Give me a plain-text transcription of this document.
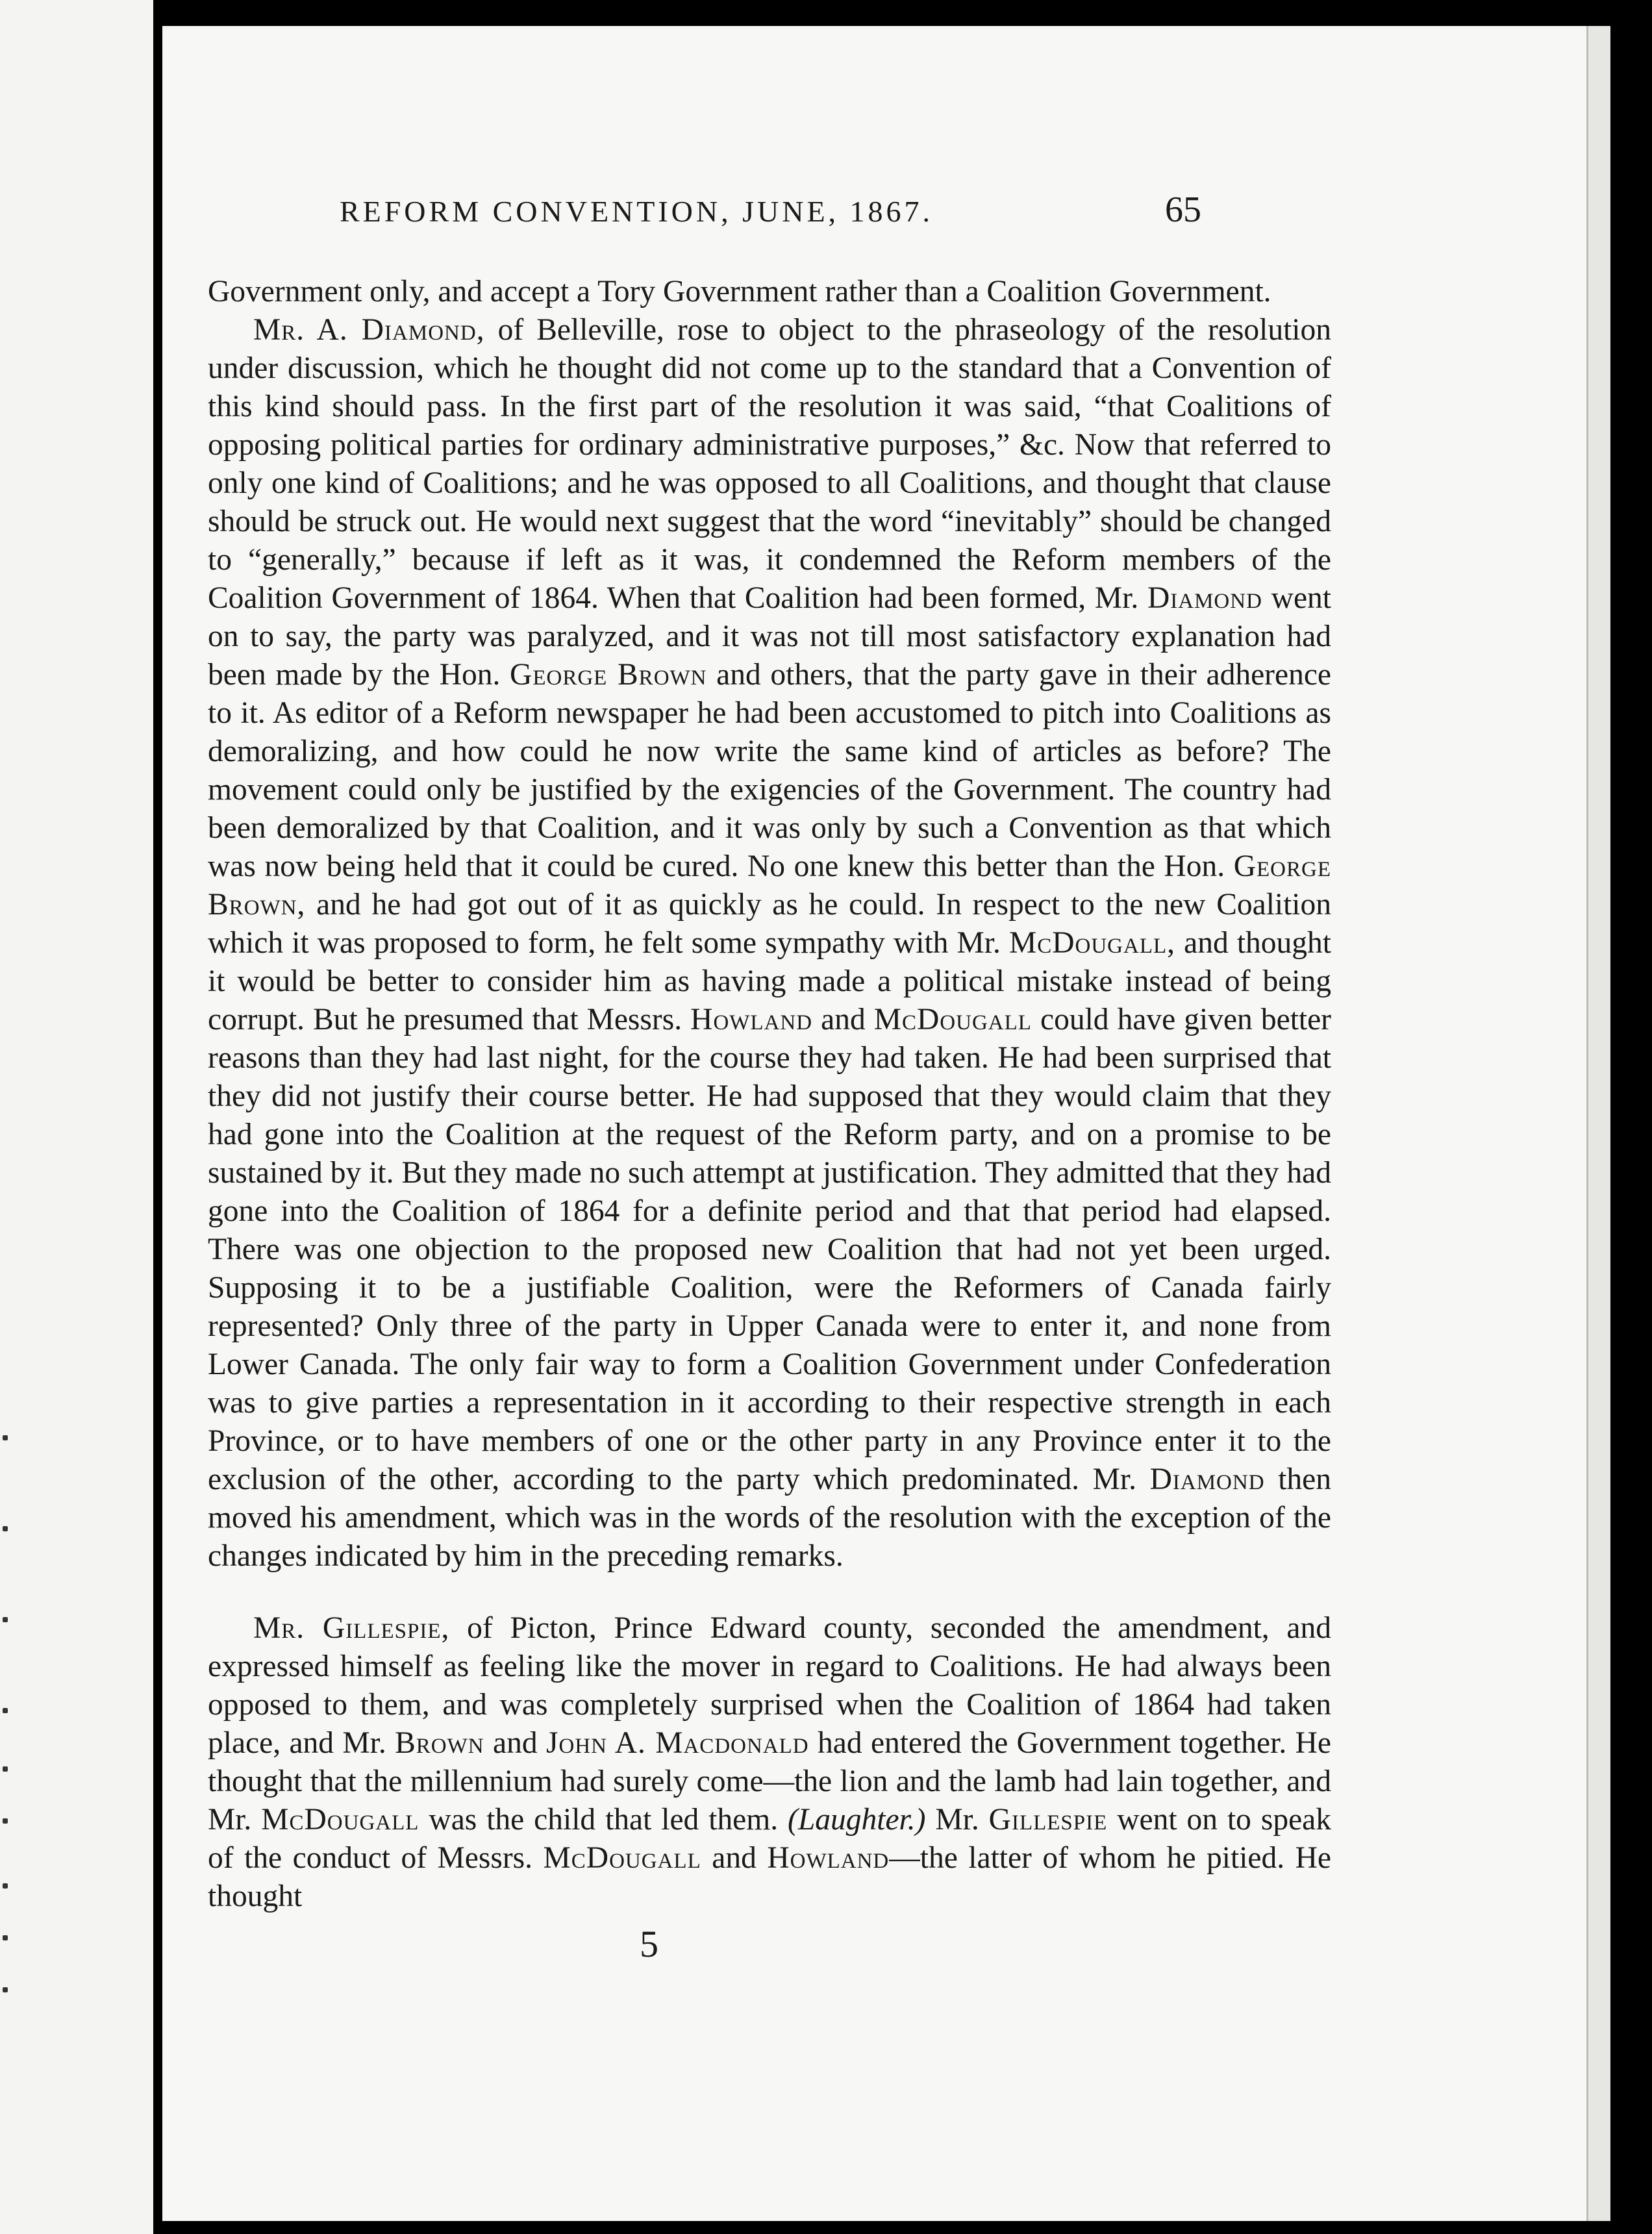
REFORM CONVENTION, JUNE, 1867.	65

Government only, and accept a Tory Government rather than a Coalition Government.

Mr. A. Diamond, of Belleville, rose to object to the phraseology of the resolution under discussion, which he thought did not come up to the standard that a Convention of this kind should pass. In the first part of the resolution it was said, “that Coalitions of opposing political parties for ordinary administrative purposes,” &c. Now that referred to only one kind of Coalitions; and he was opposed to all Coalitions, and thought that clause should be struck out. He would next suggest that the word “inevitably” should be changed to “generally,” because if left as it was, it condemned the Reform members of the Coalition Government of 1864. When that Coalition had been formed, Mr. Diamond went on to say, the party was paralyzed, and it was not till most satisfactory explanation had been made by the Hon. George Brown and others, that the party gave in their adherence to it. As editor of a Reform newspaper he had been accustomed to pitch into Coalitions as demoralizing, and how could he now write the same kind of articles as before? The movement could only be justified by the exigencies of the Government. The country had been demoralized by that Coalition, and it was only by such a Convention as that which was now being held that it could be cured. No one knew this better than the Hon. George Brown, and he had got out of it as quickly as he could. In respect to the new Coalition which it was proposed to form, he felt some sympathy with Mr. McDougall, and thought it would be better to consider him as having made a political mistake instead of being corrupt. But he presumed that Messrs. Howland and McDougall could have given better reasons than they had last night, for the course they had taken. He had been surprised that they did not justify their course better. He had supposed that they would claim that they had gone into the Coalition at the request of the Reform party, and on a promise to be sustained by it. But they made no such attempt at justification. They admitted that they had gone into the Coalition of 1864 for a definite period and that that period had elapsed. There was one objection to the proposed new Coalition that had not yet been urged. Supposing it to be a justifiable Coalition, were the Reformers of Canada fairly represented? Only three of the party in Upper Canada were to enter it, and none from Lower Canada. The only fair way to form a Coalition Government under Confederation was to give parties a representation in it according to their respective strength in each Province, or to have members of one or the other party in any Province enter it to the exclusion of the other, according to the party which predominated. Mr. Diamond then moved his amendment, which was in the words of the resolution with the exception of the changes indicated by him in the preceding remarks.

Mr. Gillespie, of Picton, Prince Edward county, seconded the amendment, and expressed himself as feeling like the mover in regard to Coalitions. He had always been opposed to them, and was completely surprised when the Coalition of 1864 had taken place, and Mr. Brown and John A. Macdonald had entered the Government together. He thought that the millennium had surely come—the lion and the lamb had lain together, and Mr. McDougall was the child that led them. (Laughter.) Mr. Gillespie went on to speak of the conduct of Messrs. McDougall and Howland—the latter of whom he pitied. He thought

5
